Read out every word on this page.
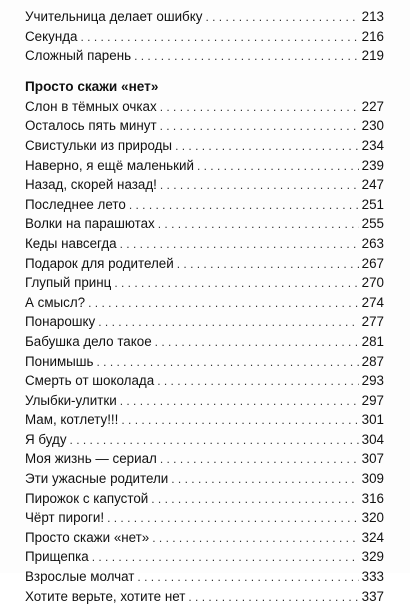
Учительница делает ошибку . . .	213
Секунда . . .	216
Сложный парень . . .	219
Просто скажи «нет»
Слон в тёмных очках . . .	227
Осталось пять минут . . .	230
Свистульки из природы . . .	234
Наверно, я ещё маленький . . .	239
Назад, скорей назад! . . .	247
Последнее лето . . .	251
Волки на парашютах . . .	255
Кеды навсегда . . .	263
Подарок для родителей . . .	267
Глупый принц . . .	270
А смысл? . . .	274
Понарошку . . .	277
Бабушка дело такое . . .	281
Понимышь . . .	287
Смерть от шоколада . . .	293
Улыбки-улитки . . .	297
Мам, котлету!!! . . .	301
Я буду . . .	304
Моя жизнь — сериал . . .	307
Эти ужасные родители . . .	309
Пирожок с капустой . . .	316
Чёрт пироги! . . .	320
Просто скажи «нет» . . .	324
Прищепка . . .	329
Взрослые молчат . . .	333
Хотите верьте, хотите нет . . .	337
